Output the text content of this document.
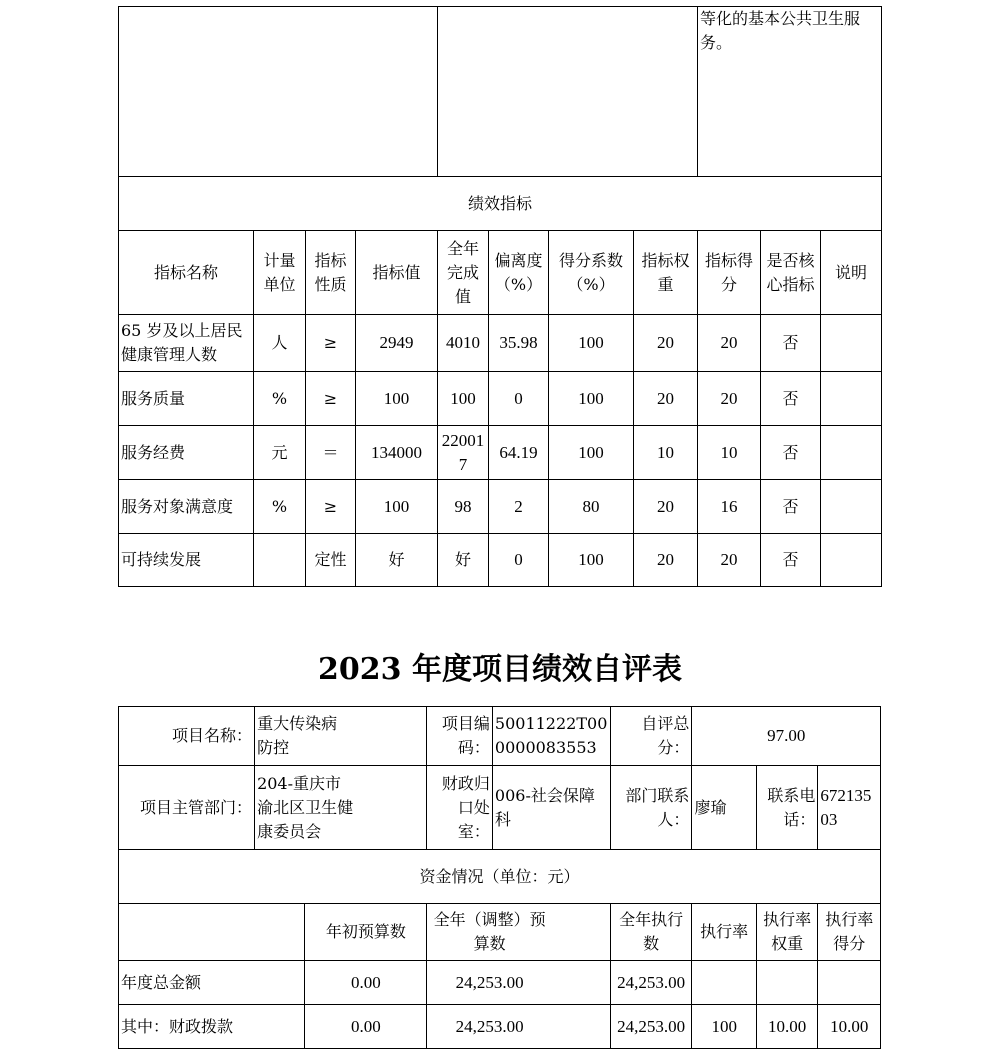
								等化的基本公共卫生服务。		
绩效指标										
指标名称	计量单位	指标性质	指标值	全年完成值	偏离度（%）	得分系数（%）	指标权重	指标得分	是否核心指标	说明
65 岁及以上居民健康管理人数	人	≥	2949	4010	35.98	100	20	20	否	
服务质量	%	≥	100	100	0	100	20	20	否	
服务经费	元	＝	134000	220017	64.19	100	10	10	否	
服务对象满意度	%	≥	100	98	2	80	20	16	否	
可持续发展		定性	好	好	0	100	20	20	否	
2023 年度项目绩效自评表
项目名称：	重大传染病防控		项目编码：	50011222T000000083553	自评总分：	97.00		
项目主管部门：	204-重庆市渝北区卫生健康委员会		财政归口处室：	006-社会保障科	部门联系人：	廖瑜	联系电话：	67213503
资金情况（单位：元）								
		年初预算数	全年（调整）预算数		全年执行数	执行率	执行率权重	执行率得分
年度总金额		0.00	24,253.00		24,253.00			
其中：财政拨款		0.00	24,253.00		24,253.00	100	10.00	10.00
